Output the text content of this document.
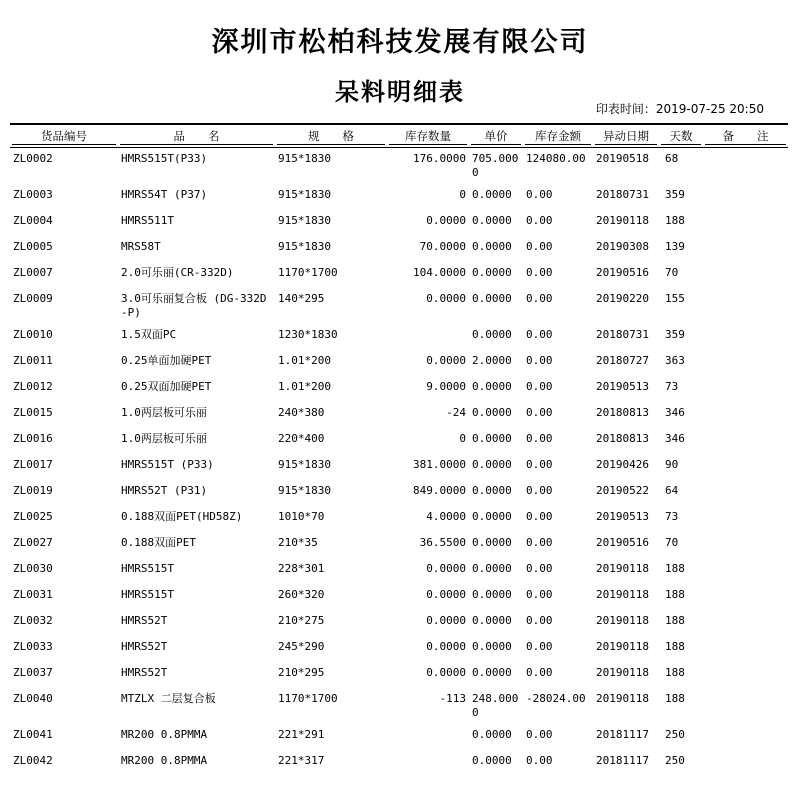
深圳市松柏科技发展有限公司
呆料明细表
印表时间：2019-07-25 20:50
货品编号	品　　名	规　　格	库存数量	单价	库存金额	异动日期	天数	备　　注
ZL0002	HMRS515T(P33)	915*1830	176.0000	705.0000	124080.00	20190518	68	
ZL0003	HMRS54T (P37)	915*1830	0	0.0000	0.00	20180731	359	
ZL0004	HMRS511T	915*1830	0.0000	0.0000	0.00	20190118	188	
ZL0005	MRS58T	915*1830	70.0000	0.0000	0.00	20190308	139	
ZL0007	2.0可乐丽(CR-332D)	1170*1700	104.0000	0.0000	0.00	20190516	70	
ZL0009	3.0可乐丽复合板 (DG-332D-P)	140*295	0.0000	0.0000	0.00	20190220	155	
ZL0010	1.5双面PC	1230*1830		0.0000	0.00	20180731	359	
ZL0011	0.25单面加硬PET	1.01*200	0.0000	2.0000	0.00	20180727	363	
ZL0012	0.25双面加硬PET	1.01*200	9.0000	0.0000	0.00	20190513	73	
ZL0015	1.0两层板可乐丽	240*380	-24	0.0000	0.00	20180813	346	
ZL0016	1.0两层板可乐丽	220*400	0	0.0000	0.00	20180813	346	
ZL0017	HMRS515T (P33)	915*1830	381.0000	0.0000	0.00	20190426	90	
ZL0019	HMRS52T (P31)	915*1830	849.0000	0.0000	0.00	20190522	64	
ZL0025	0.188双面PET(HD58Z)	1010*70	4.0000	0.0000	0.00	20190513	73	
ZL0027	0.188双面PET	210*35	36.5500	0.0000	0.00	20190516	70	
ZL0030	HMRS515T	228*301	0.0000	0.0000	0.00	20190118	188	
ZL0031	HMRS515T	260*320	0.0000	0.0000	0.00	20190118	188	
ZL0032	HMRS52T	210*275	0.0000	0.0000	0.00	20190118	188	
ZL0033	HMRS52T	245*290	0.0000	0.0000	0.00	20190118	188	
ZL0037	HMRS52T	210*295	0.0000	0.0000	0.00	20190118	188	
ZL0040	MTZLX 二层复合板	1170*1700	-113	248.0000	-28024.00	20190118	188	
ZL0041	MR200 0.8PMMA	221*291		0.0000	0.00	20181117	250	
ZL0042	MR200 0.8PMMA	221*317		0.0000	0.00	20181117	250	
